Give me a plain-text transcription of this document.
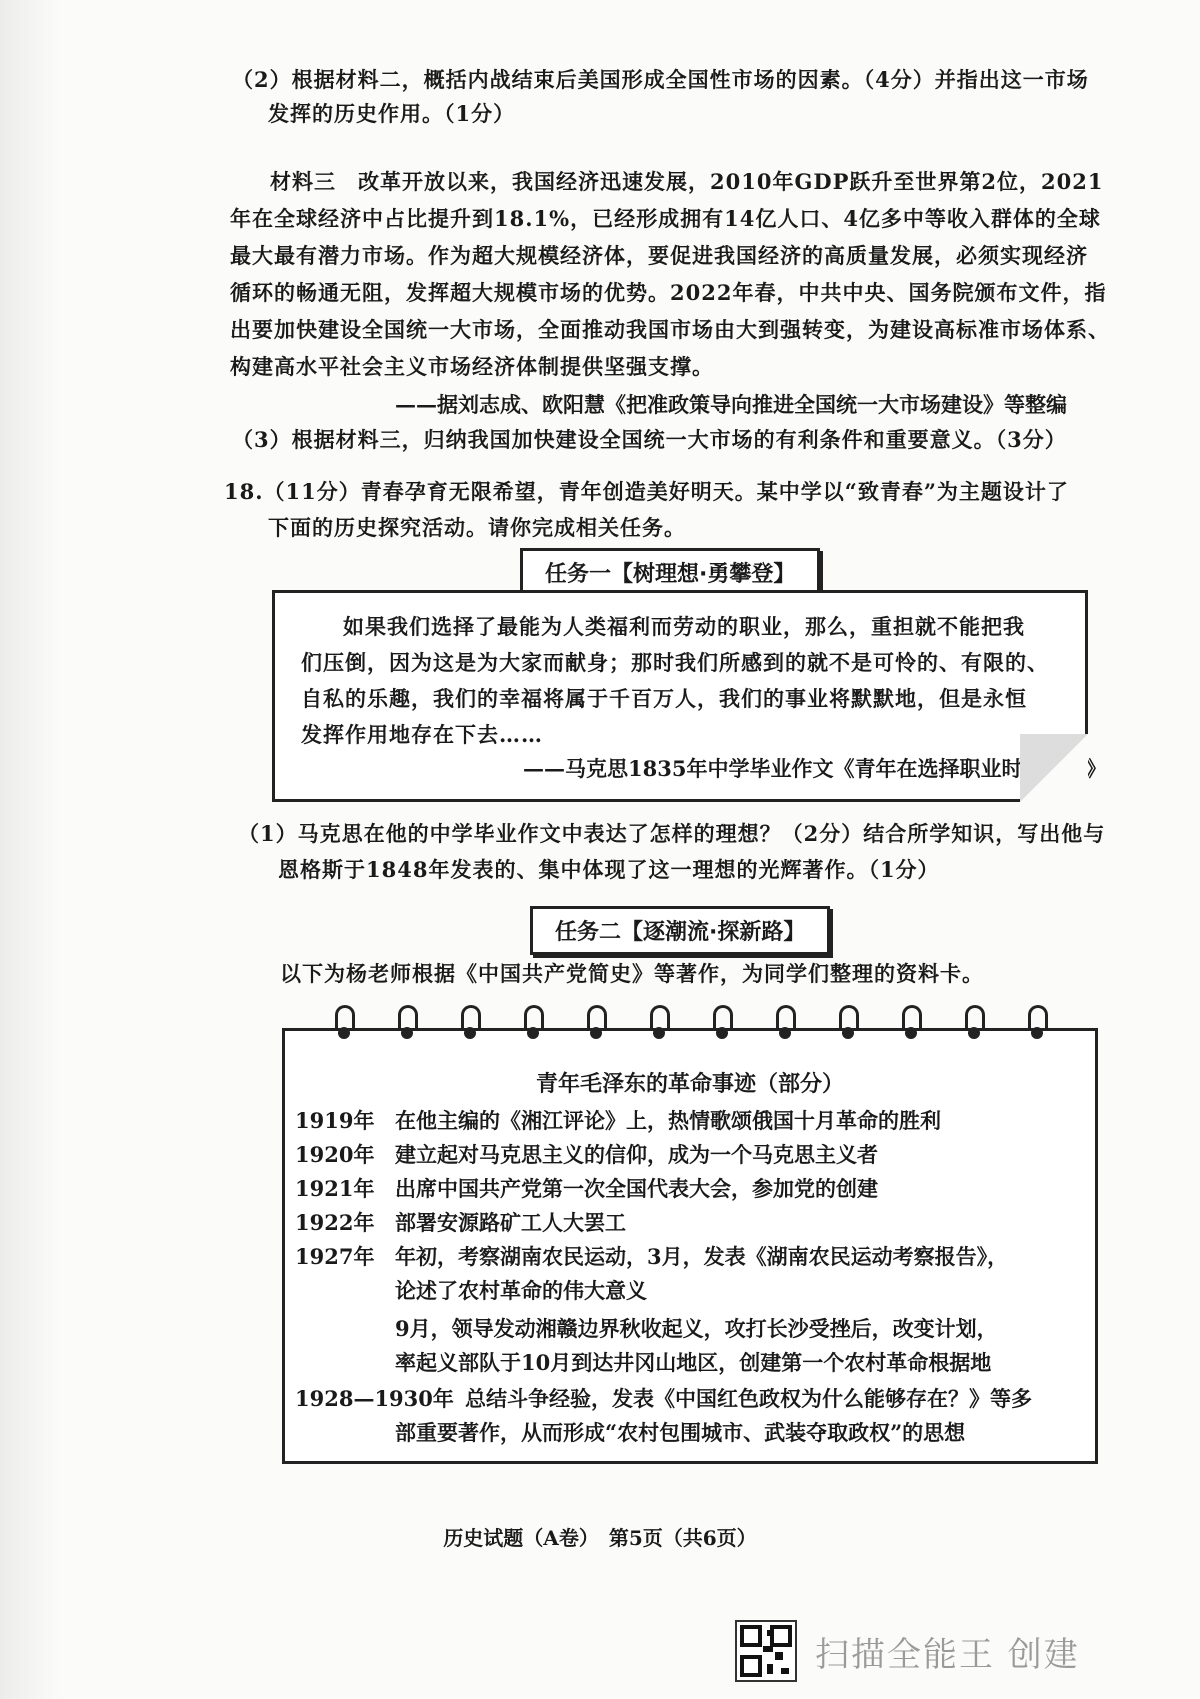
（2）根据材料二，概括内战结束后美国形成全国性市场的因素。（4分）并指出这一市场
发挥的历史作用。（1分）
材料三　改革开放以来，我国经济迅速发展，2010年GDP跃升至世界第2位，2021
年在全球经济中占比提升到18.1%，已经形成拥有14亿人口、4亿多中等收入群体的全球
最大最有潜力市场。作为超大规模经济体，要促进我国经济的高质量发展，必须实现经济
循环的畅通无阻，发挥超大规模市场的优势。2022年春，中共中央、国务院颁布文件，指
出要加快建设全国统一大市场，全面推动我国市场由大到强转变，为建设高标准市场体系、
构建高水平社会主义市场经济体制提供坚强支撑。
——据刘志成、欧阳慧《把准政策导向推进全国统一大市场建设》等整编
（3）根据材料三，归纳我国加快建设全国统一大市场的有利条件和重要意义。（3分）
18.（11分）青春孕育无限希望，青年创造美好明天。某中学以“致青春”为主题设计了
下面的历史探究活动。请你完成相关任务。
任务一【树理想·勇攀登】
如果我们选择了最能为人类福利而劳动的职业，那么，重担就不能把我
们压倒，因为这是为大家而献身；那时我们所感到的就不是可怜的、有限的、
自私的乐趣，我们的幸福将属于千百万人，我们的事业将默默地，但是永恒
发挥作用地存在下去……
——马克思1835年中学毕业作文《青年在选择职业时的考虑》
（1）马克思在他的中学毕业作文中表达了怎样的理想？（2分）结合所学知识，写出他与
恩格斯于1848年发表的、集中体现了这一理想的光辉著作。（1分）
任务二【逐潮流·探新路】
以下为杨老师根据《中国共产党简史》等著作，为同学们整理的资料卡。
青年毛泽东的革命事迹（部分）
1919年 在他主编的《湘江评论》上，热情歌颂俄国十月革命的胜利
1920年 建立起对马克思主义的信仰，成为一个马克思主义者
1921年 出席中国共产党第一次全国代表大会，参加党的创建
1922年 部署安源路矿工人大罢工
1927年 年初，考察湖南农民运动，3月，发表《湖南农民运动考察报告》，
论述了农村革命的伟大意义
9月，领导发动湘赣边界秋收起义，攻打长沙受挫后，改变计划，
率起义部队于10月到达井冈山地区，创建第一个农村革命根据地
1928—1930年 总结斗争经验，发表《中国红色政权为什么能够存在？》等多
部重要著作，从而形成“农村包围城市、武装夺取政权”的思想
历史试题（A卷）　第5页（共6页）
扫描全能王 创建
